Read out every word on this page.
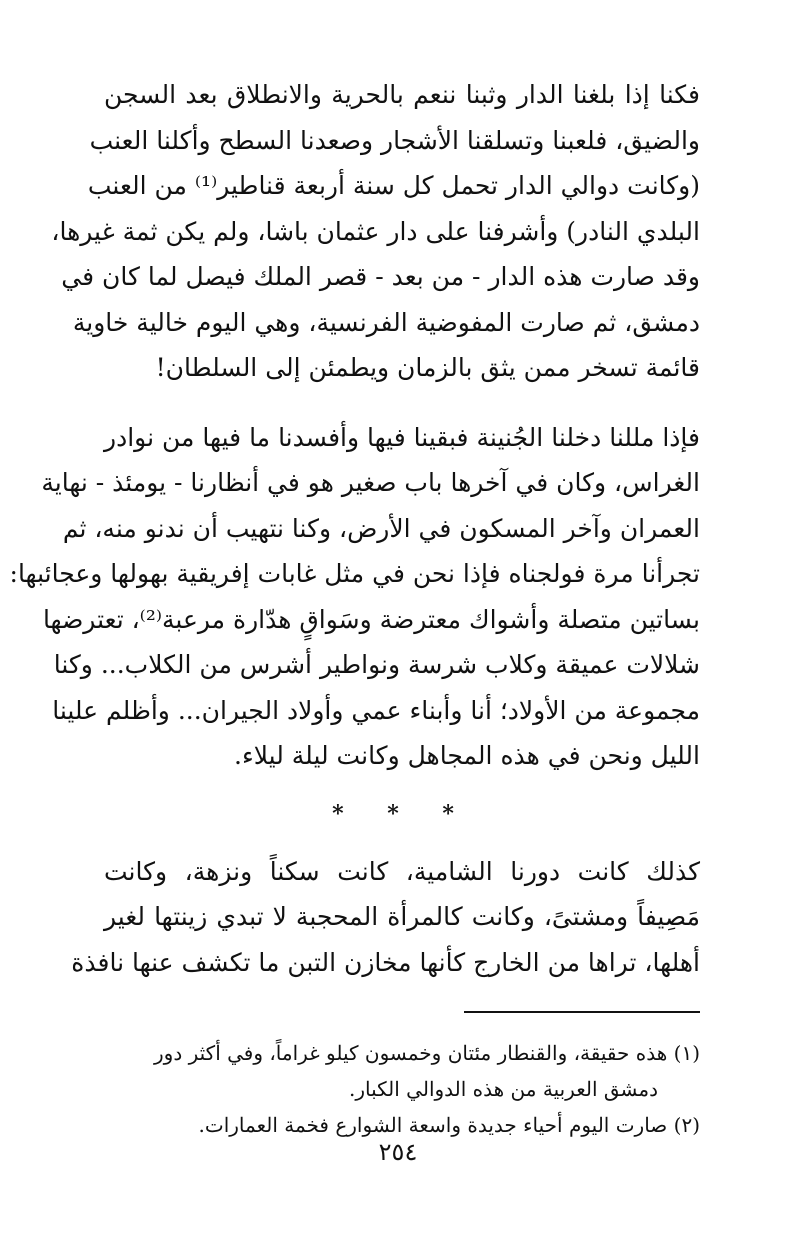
فكنا إذا بلغنا الدار وثبنا ننعم بالحرية والانطلاق بعد السجن
والضيق، فلعبنا وتسلقنا الأشجار وصعدنا السطح وأكلنا العنب
(وكانت دوالي الدار تحمل كل سنة أربعة قناطير⁽¹⁾ من العنب
البلدي النادر) وأشرفنا على دار عثمان باشا، ولم يكن ثمة غيرها،
وقد صارت هذه الدار - من بعد - قصر الملك فيصل لما كان في
دمشق، ثم صارت المفوضية الفرنسية، وهي اليوم خالية خاوية
قائمة تسخر ممن يثق بالزمان ويطمئن إلى السلطان!
فإذا مللنا دخلنا الجُنينة فبقينا فيها وأفسدنا ما فيها من نوادر
الغراس، وكان في آخرها باب صغير هو في أنظارنا - يومئذ - نهاية
العمران وآخر المسكون في الأرض، وكنا نتهيب أن ندنو منه، ثم
تجرأنا مرة فولجناه فإذا نحن في مثل غابات إفريقية بهولها وعجائبها:
بساتين متصلة وأشواك معترضة وسَواقٍ هدّارة مرعبة⁽²⁾، تعترضها
شلالات عميقة وكلاب شرسة ونواطير أشرس من الكلاب... وكنا
مجموعة من الأولاد؛ أنا وأبناء عمي وأولاد الجيران... وأظلم علينا
الليل ونحن في هذه المجاهل وكانت ليلة ليلاء.
* * *
كذلك كانت دورنا الشامية، كانت سكناً ونزهة، وكانت
مَصِيفاً ومشتىً، وكانت كالمرأة المحجبة لا تبدي زينتها لغير
أهلها، تراها من الخارج كأنها مخازن التبن ما تكشف عنها نافذة
(١) هذه حقيقة، والقنطار مئتان وخمسون كيلو غراماً، وفي أكثر دور
دمشق العربية من هذه الدوالي الكبار.
(٢) صارت اليوم أحياء جديدة واسعة الشوارع فخمة العمارات.
٢٥٤
